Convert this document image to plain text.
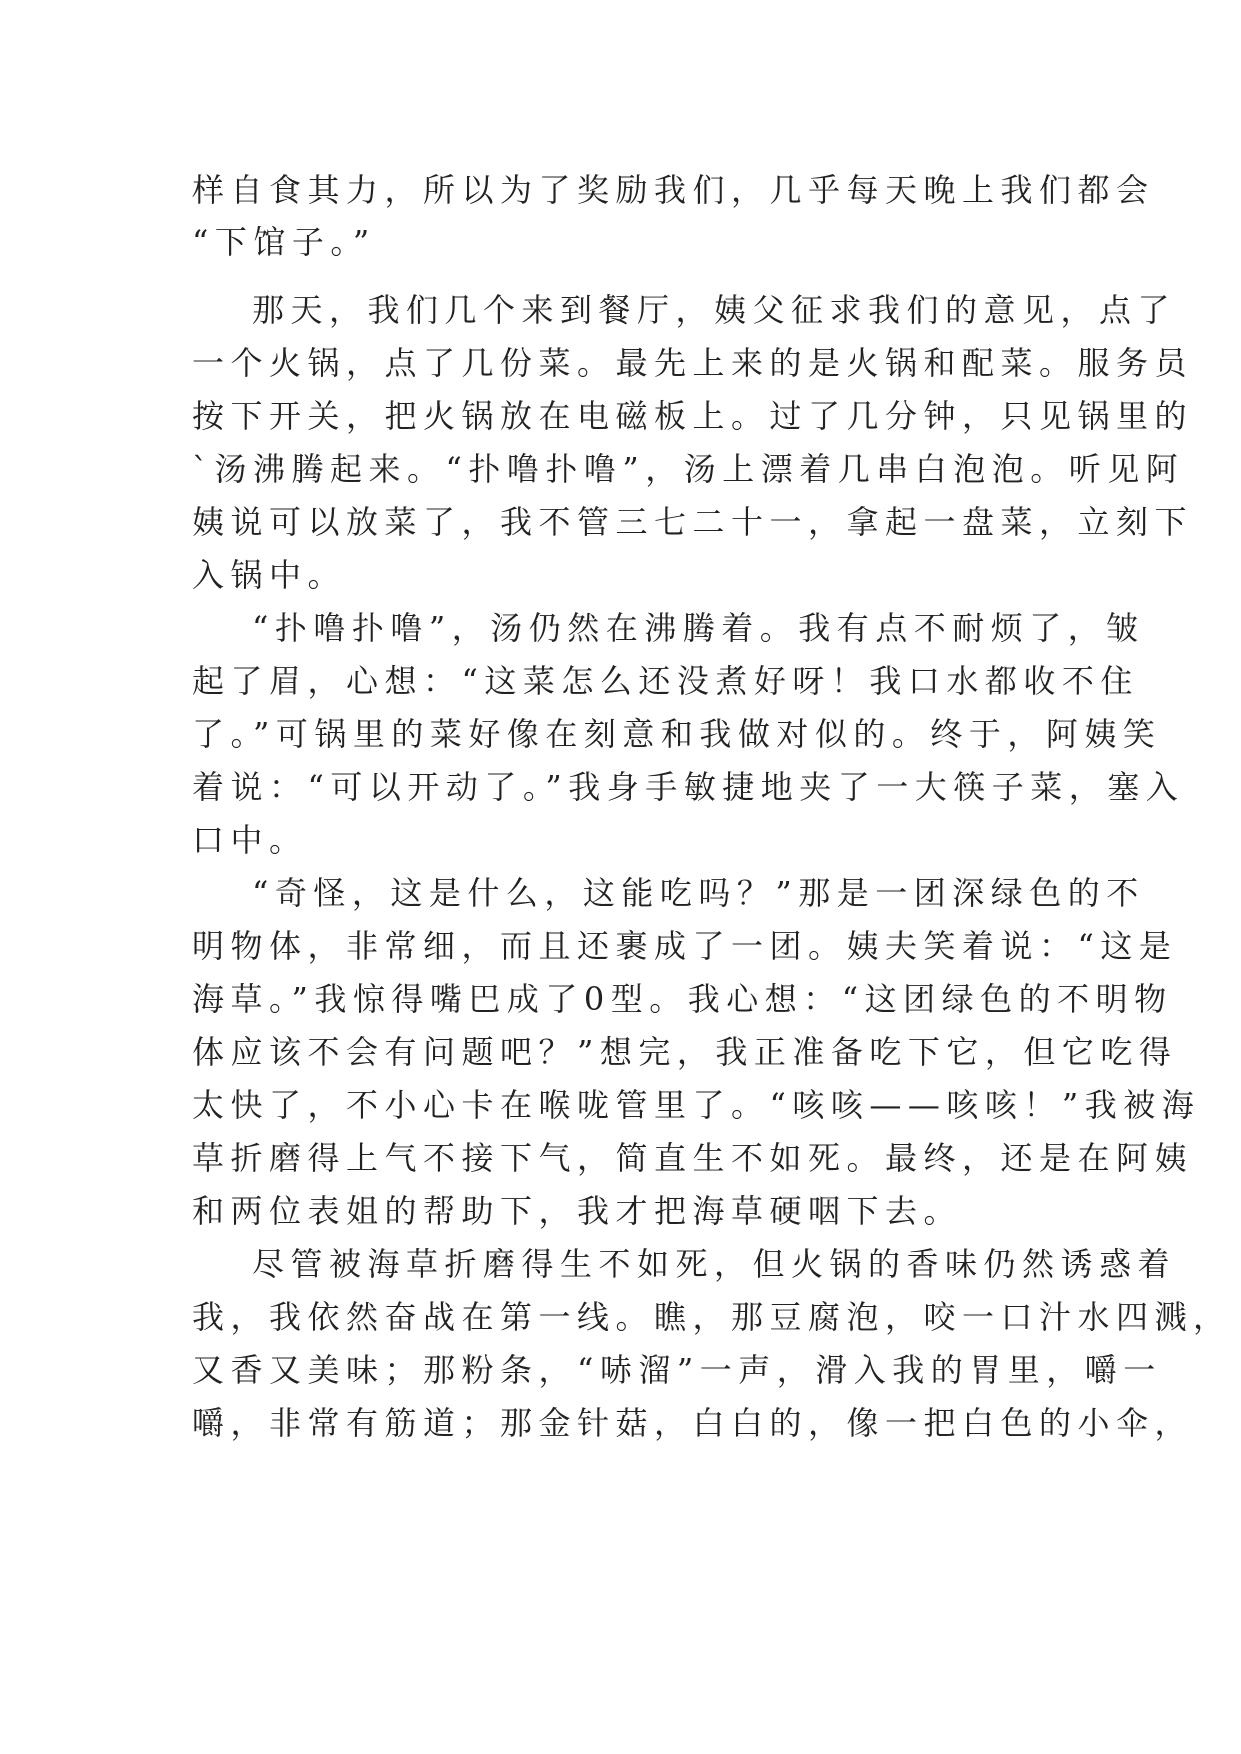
样自食其力，所以为了奖励我们，几乎每天晚上我们都会
“下馆子。”
那天，我们几个来到餐厅，姨父征求我们的意见，点了
一个火锅，点了几份菜。最先上来的是火锅和配菜。服务员
按下开关，把火锅放在电磁板上。过了几分钟，只见锅里的
`汤沸腾起来。“扑噜扑噜”，汤上漂着几串白泡泡。听见阿
姨说可以放菜了，我不管三七二十一，拿起一盘菜，立刻下
入锅中。
“扑噜扑噜”，汤仍然在沸腾着。我有点不耐烦了，皱
起了眉，心想：“这菜怎么还没煮好呀！我口水都收不住
了。”可锅里的菜好像在刻意和我做对似的。终于，阿姨笑
着说：“可以开动了。”我身手敏捷地夹了一大筷子菜，塞入
口中。
“奇怪，这是什么，这能吃吗？”那是一团深绿色的不
明物体，非常细，而且还裹成了一团。姨夫笑着说：“这是
海草。”我惊得嘴巴成了0型。我心想：“这团绿色的不明物
体应该不会有问题吧？”想完，我正准备吃下它，但它吃得
太快了，不小心卡在喉咙管里了。“咳咳——咳咳！”我被海
草折磨得上气不接下气，简直生不如死。最终，还是在阿姨
和两位表姐的帮助下，我才把海草硬咽下去。
尽管被海草折磨得生不如死，但火锅的香味仍然诱惑着
我，我依然奋战在第一线。瞧，那豆腐泡，咬一口汁水四溅，
又香又美味；那粉条，“哧溜”一声，滑入我的胃里，嚼一
嚼，非常有筋道；那金针菇，白白的，像一把白色的小伞，
